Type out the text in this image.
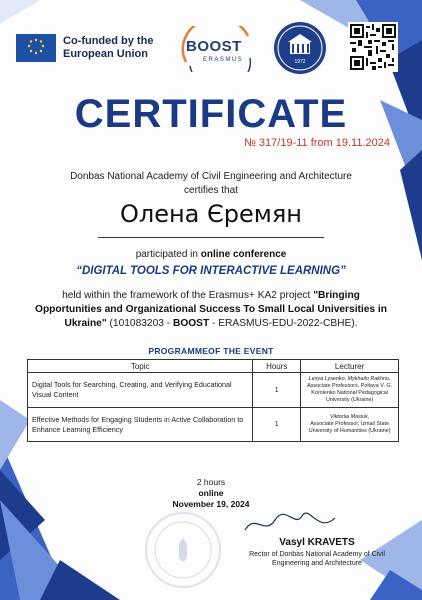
Co-funded by the European Union	BOOST
ERASMUS	1972
CERTIFICATE
№ 317/19-11 from 19.11.2024
Donbas National Academy of Civil Engineering and Architecture
certifies that
Олена Єремян
participated in online conference
“DIGITAL TOOLS FOR INTERACTIVE LEARNING”
held within the framework of the Erasmus+ KA2 project "Bringing Opportunities and Organizational Success To Small Local Universities in Ukraine" (101083203 - BOOST - ERASMUS-EDU-2022-CBHE).
PROGRAMMEOF THE EVENT
Topic	Hours	Lecturer
Digital Tools for Searching, Creating, and Verifying Educational Visual Content	1	Lesya Lysenko, Mykhailo Rakhno,
Associate Professors, Poltava V. G. Korolenko National Pedagogical University (Ukraine)
Effective Methods for Engaging Students in Active Collaboration to Enhance Learning Efficiency	1	Viktoriia Masiuk,
Associate Professor, Izmail State University of Humanities (Ukraine)
2 hours
online
November 19, 2024
Vasyl KRAVETS
Rector of Donbas National Academy of Civil Engineering and Architecture
